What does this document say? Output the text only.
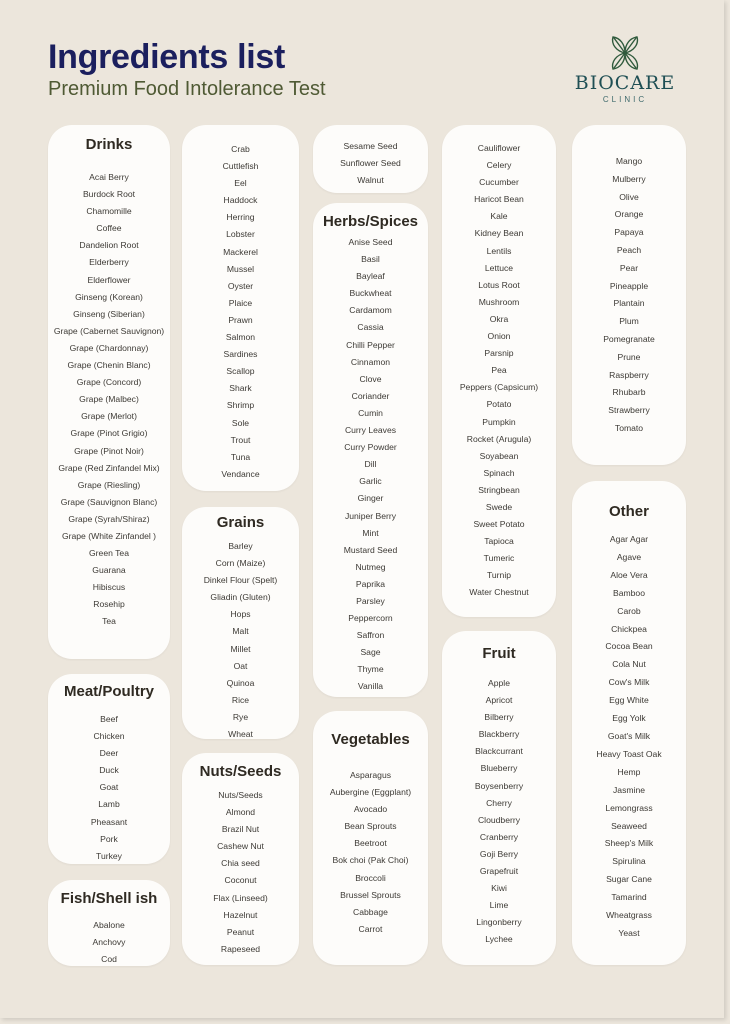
Ingredients list

Premium Food Intolerance Test	BIOCARE
CLINIC
Drinks
Acai Berry
Burdock Root
Chamomille
Coffee
Dandelion Root
Elderberry
Elderflower
Ginseng (Korean)
Ginseng (Siberian)
Grape (Cabernet Sauvignon)
Grape (Chardonnay)
Grape (Chenin Blanc)
Grape (Concord)
Grape (Malbec)
Grape (Merlot)
Grape (Pinot Grigio)
Grape (Pinot Noir)
Grape (Red Zinfandel Mix)
Grape (Riesling)
Grape (Sauvignon Blanc)
Grape (Syrah/Shiraz)
Grape (White Zinfandel )
Green Tea
Guarana
Hibiscus
Rosehip
Tea
Meat/Poultry
Beef
Chicken
Deer
Duck
Goat
Lamb
Pheasant
Pork
Turkey
Fish/Shell ish
Abalone
Anchovy
Cod
Crab
Cuttlefish
Eel
Haddock
Herring
Lobster
Mackerel
Mussel
Oyster
Plaice
Prawn
Salmon
Sardines
Scallop
Shark
Shrimp
Sole
Trout
Tuna
Vendance
Grains
Barley
Corn (Maize)
Dinkel Flour (Spelt)
Gliadin (Gluten)
Hops
Malt
Millet
Oat
Quinoa
Rice
Rye
Wheat
Nuts/Seeds
Nuts/Seeds
Almond
Brazil Nut
Cashew Nut
Chia seed
Coconut
Flax (Linseed)
Hazelnut
Peanut
Rapeseed
Sesame Seed
Sunflower Seed
Walnut
Herbs/Spices
Anise Seed
Basil
Bayleaf
Buckwheat
Cardamom
Cassia
Chilli Pepper
Cinnamon
Clove
Coriander
Cumin
Curry Leaves
Curry Powder
Dill
Garlic
Ginger
Juniper Berry
Mint
Mustard Seed
Nutmeg
Paprika
Parsley
Peppercorn
Saffron
Sage
Thyme
Vanilla
Vegetables
Asparagus
Aubergine (Eggplant)
Avocado
Bean Sprouts
Beetroot
Bok choi (Pak Choi)
Broccoli
Brussel Sprouts
Cabbage
Carrot
Cauliflower
Celery
Cucumber
Haricot Bean
Kale
Kidney Bean
Lentils
Lettuce
Lotus Root
Mushroom
Okra
Onion
Parsnip
Pea
Peppers (Capsicum)
Potato
Pumpkin
Rocket (Arugula)
Soyabean
Spinach
Stringbean
Swede
Sweet Potato
Tapioca
Tumeric
Turnip
Water Chestnut
Fruit
Apple
Apricot
Bilberry
Blackberry
Blackcurrant
Blueberry
Boysenberry
Cherry
Cloudberry
Cranberry
Goji Berry
Grapefruit
Kiwi
Lime
Lingonberry
Lychee
Mango
Mulberry
Olive
Orange
Papaya
Peach
Pear
Pineapple
Plantain
Plum
Pomegranate
Prune
Raspberry
Rhubarb
Strawberry
Tomato
Other
Agar Agar
Agave
Aloe Vera
Bamboo
Carob
Chickpea
Cocoa Bean
Cola Nut
Cow's Milk
Egg White
Egg Yolk
Goat's Milk
Heavy Toast Oak
Hemp
Jasmine
Lemongrass
Seaweed
Sheep's Milk
Spirulina
Sugar Cane
Tamarind
Wheatgrass
Yeast
